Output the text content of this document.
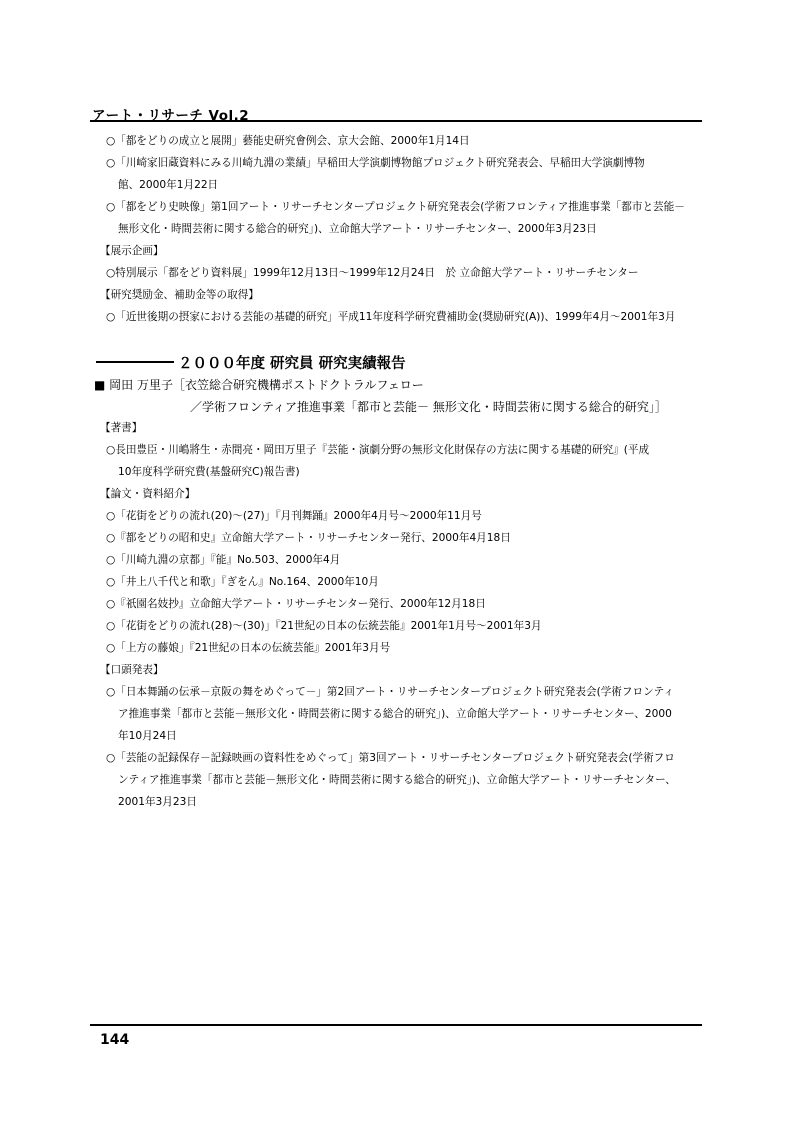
アート・リサーチ Vol.2
○「都をどりの成立と展開」藝能史研究會例会、京大会館、2000年1月14日
○「川崎家旧蔵資料にみる川崎九淵の業績」早稲田大学演劇博物館プロジェクト研究発表会、早稲田大学演劇博物
館、2000年1月22日
○「都をどり史映像」第1回アート・リサーチセンタープロジェクト研究発表会(学術フロンティア推進事業「都市と芸能－
無形文化・時間芸術に関する総合的研究」)、立命館大学アート・リサーチセンター、2000年3月23日
【展示企画】
○特別展示「都をどり資料展」1999年12月13日～1999年12月24日　於 立命館大学アート・リサーチセンター
【研究奨励金、補助金等の取得】
○「近世後期の摂家における芸能の基礎的研究」平成11年度科学研究費補助金(奨励研究(A))、1999年4月～2001年3月
２０００年度 研究員 研究実績報告
■ 岡田 万里子［衣笠総合研究機構ポストドクトラルフェロー
／学術フロンティア推進事業「都市と芸能－ 無形文化・時間芸術に関する総合的研究」］
【著書】
○長田豊臣・川嶋將生・赤間亮・岡田万里子『芸能・演劇分野の無形文化財保存の方法に関する基礎的研究』(平成
10年度科学研究費(基盤研究C)報告書)
【論文・資料紹介】
○「花街をどりの流れ(20)～(27)」『月刊舞踊』2000年4月号～2000年11月号
○『都をどりの昭和史』立命館大学アート・リサーチセンター発行、2000年4月18日
○「川崎九淵の京都」『能』No.503、2000年4月
○「井上八千代と和歌」『ぎをん』No.164、2000年10月
○『祇園名妓抄』立命館大学アート・リサーチセンター発行、2000年12月18日
○「花街をどりの流れ(28)～(30)」『21世紀の日本の伝統芸能』2001年1月号～2001年3月
○「上方の藤娘」『21世紀の日本の伝統芸能』2001年3月号
【口頭発表】
○「日本舞踊の伝承－京阪の舞をめぐって－」第2回アート・リサーチセンタープロジェクト研究発表会(学術フロンティ
ア推進事業「都市と芸能－無形文化・時間芸術に関する総合的研究」)、立命館大学アート・リサーチセンター、2000
年10月24日
○「芸能の記録保存－記録映画の資料性をめぐって」第3回アート・リサーチセンタープロジェクト研究発表会(学術フロ
ンティア推進事業「都市と芸能－無形文化・時間芸術に関する総合的研究」)、立命館大学アート・リサーチセンター、
2001年3月23日
144
